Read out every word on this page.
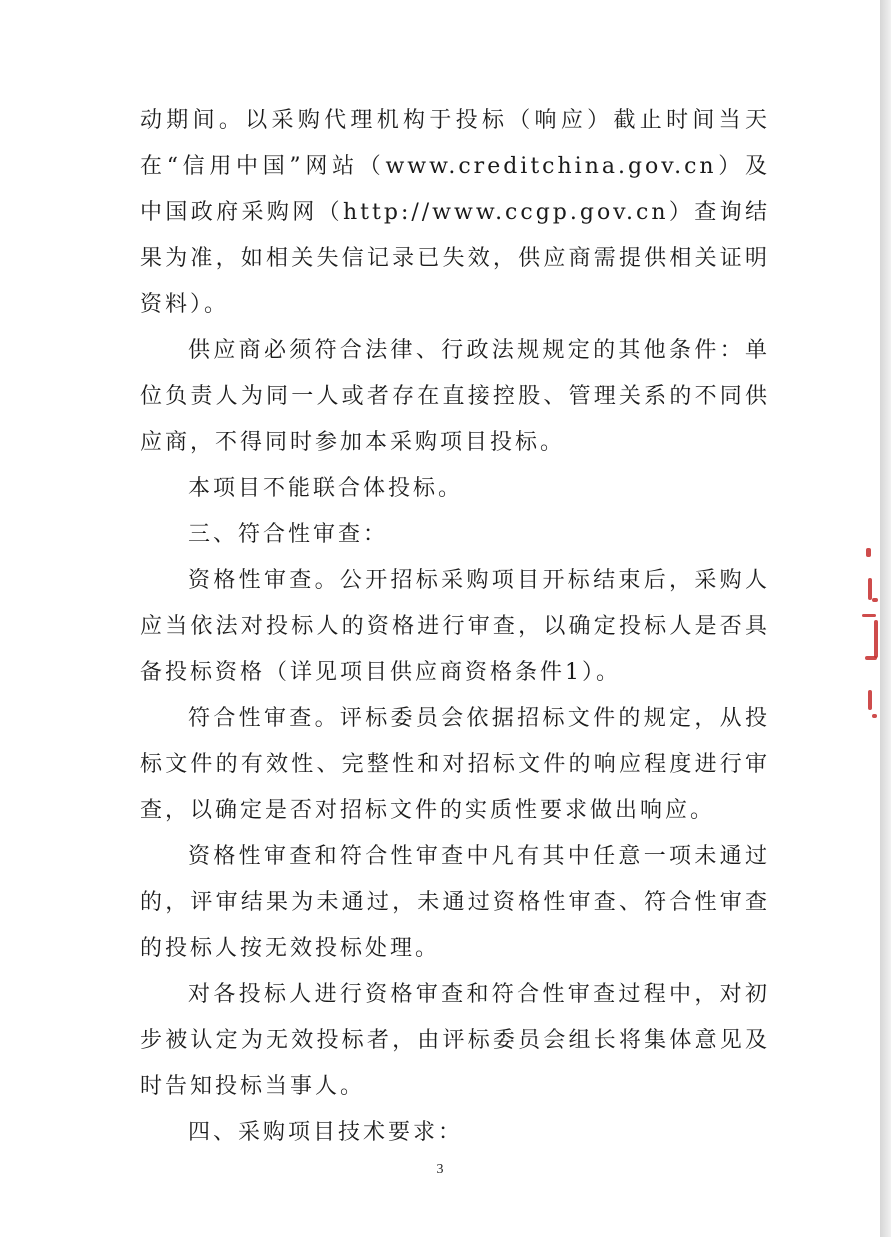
动期间。以采购代理机构于投标（响应）截止时间当天在“信用中国”网站（www.creditchina.gov.cn）及中国政府采购网（http://www.ccgp.gov.cn）查询结果为准，如相关失信记录已失效，供应商需提供相关证明资料）。

供应商必须符合法律、行政法规规定的其他条件：单位负责人为同一人或者存在直接控股、管理关系的不同供应商，不得同时参加本采购项目投标。

本项目不能联合体投标。

三、符合性审查：

资格性审查。公开招标采购项目开标结束后，采购人应当依法对投标人的资格进行审查，以确定投标人是否具备投标资格（详见项目供应商资格条件1）。

符合性审查。评标委员会依据招标文件的规定，从投标文件的有效性、完整性和对招标文件的响应程度进行审查，以确定是否对招标文件的实质性要求做出响应。

资格性审查和符合性审查中凡有其中任意一项未通过的，评审结果为未通过，未通过资格性审查、符合性审查的投标人按无效投标处理。

对各投标人进行资格审查和符合性审查过程中，对初步被认定为无效投标者，由评标委员会组长将集体意见及时告知投标当事人。

四、采购项目技术要求：

3
